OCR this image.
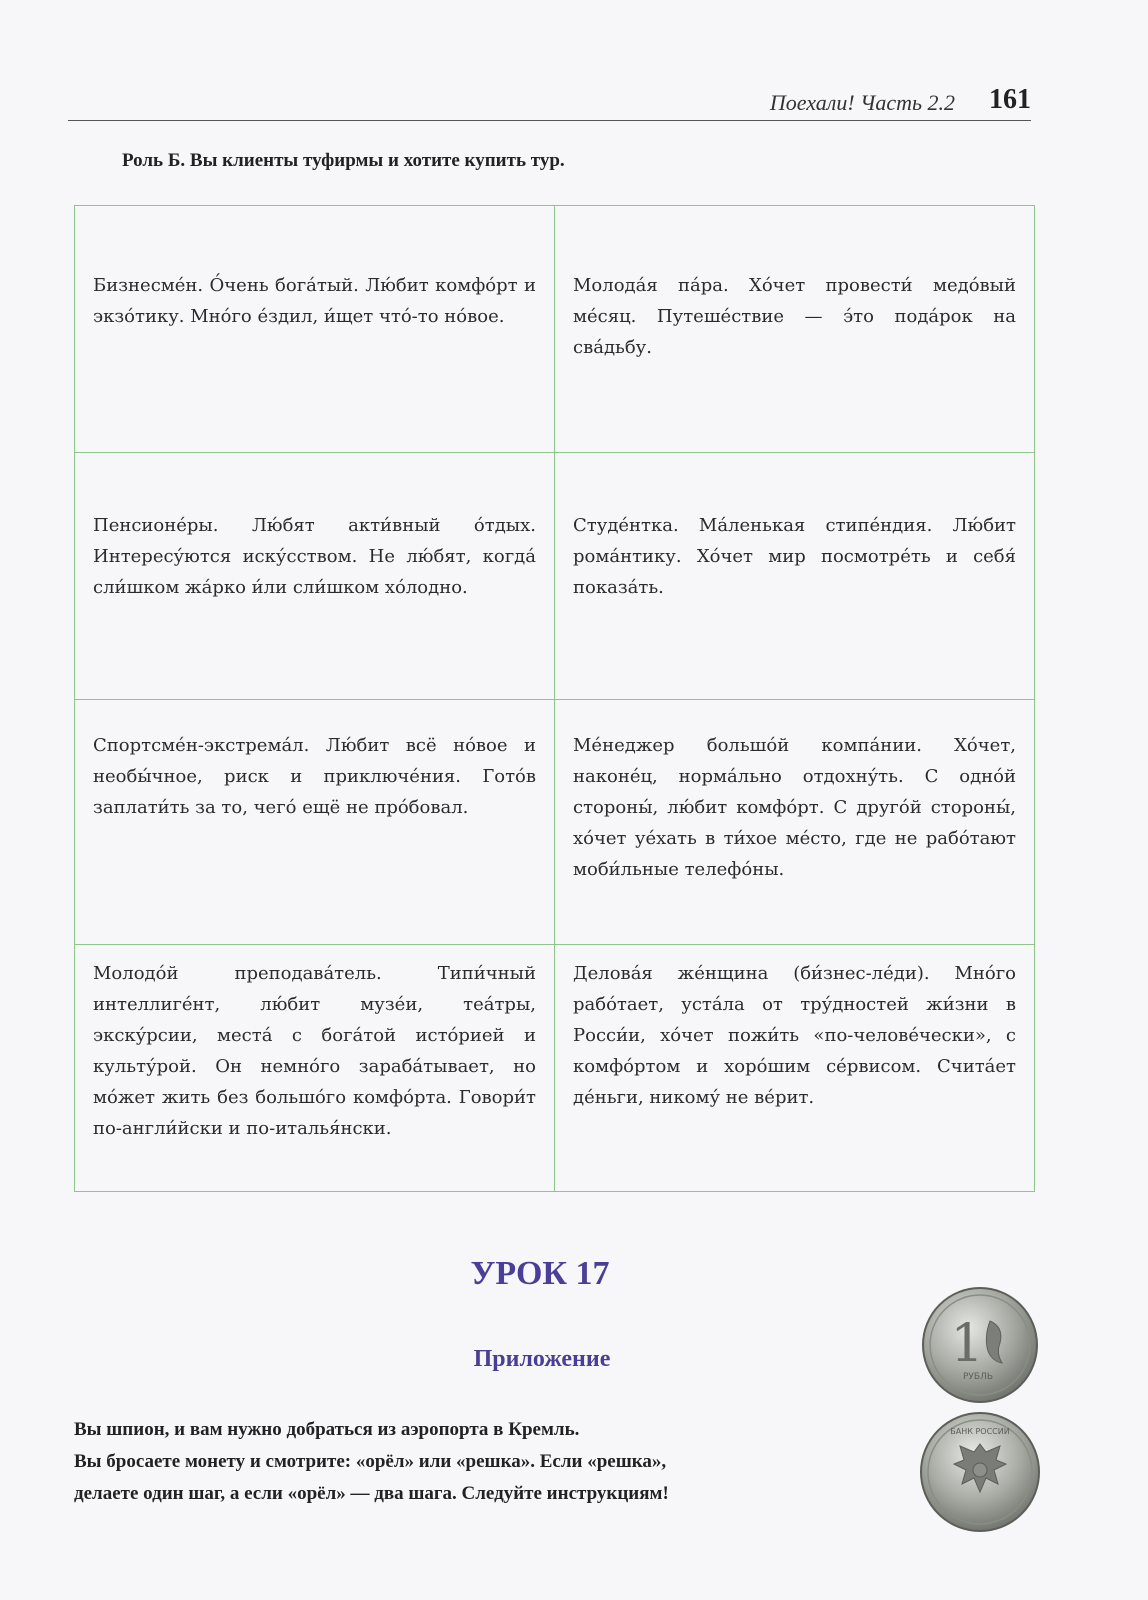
Поехали! Часть 2.2 161
Роль Б. Вы клиенты туфирмы и хотите купить тур.
Бизнесме́н. О́чень бога́тый. Лю́бит комфо́рт и экзо́тику. Мно́го е́здил, и́щет что́-то но́вое.
Молода́я па́ра. Хо́чет провести́ медо́вый ме́сяц. Путеше́ствие — э́то пода́рок на сва́дьбу.
Пенсионе́ры. Лю́бят акти́вный о́тдых. Интересу́ются иску́сством. Не лю́бят, когда́ сли́шком жа́рко и́ли сли́шком хо́лодно.
Студе́нтка. Ма́ленькая стипе́ндия. Лю́бит рома́нтику. Хо́чет мир посмотре́ть и себя́ показа́ть.
Спортсме́н-экстрема́л. Лю́бит всё но́вое и необы́чное, риск и приключе́ния. Гото́в заплати́ть за то, чего́ ещё не про́бовал.
Ме́неджер большо́й компа́нии. Хо́чет, наконе́ц, норма́льно отдохну́ть. С одно́й стороны́, лю́бит комфо́рт. С друго́й стороны́, хо́чет уе́хать в ти́хое ме́сто, где не рабо́тают моби́льные телефо́ны.
Молодо́й преподава́тель. Типи́чный интеллиге́нт, лю́бит музе́и, теа́тры, экску́рсии, места́ с бога́той исто́рией и культу́рой. Он немно́го зараба́тывает, но мо́жет жить без большо́го комфо́рта. Говори́т по-англи́йски и по-италья́нски.
Делова́я же́нщина (би́знес-ле́ди). Мно́го рабо́тает, уста́ла от тру́дностей жи́зни в Росси́и, хо́чет пожи́ть «по-челове́чески», с комфо́ртом и хоро́шим се́рвисом. Счита́ет де́ньги, никому́ не ве́рит.
УРОК 17
Приложение
Вы шпион, и вам нужно добраться из аэропорта в Кремль.
Вы бросаете монету и смотрите: «орёл» или «решка». Если «решка»,
делаете один шаг, а если «орёл» — два шага. Следуйте инструкциям!
1
РУБЛЬ
БАНК РОССИИ
